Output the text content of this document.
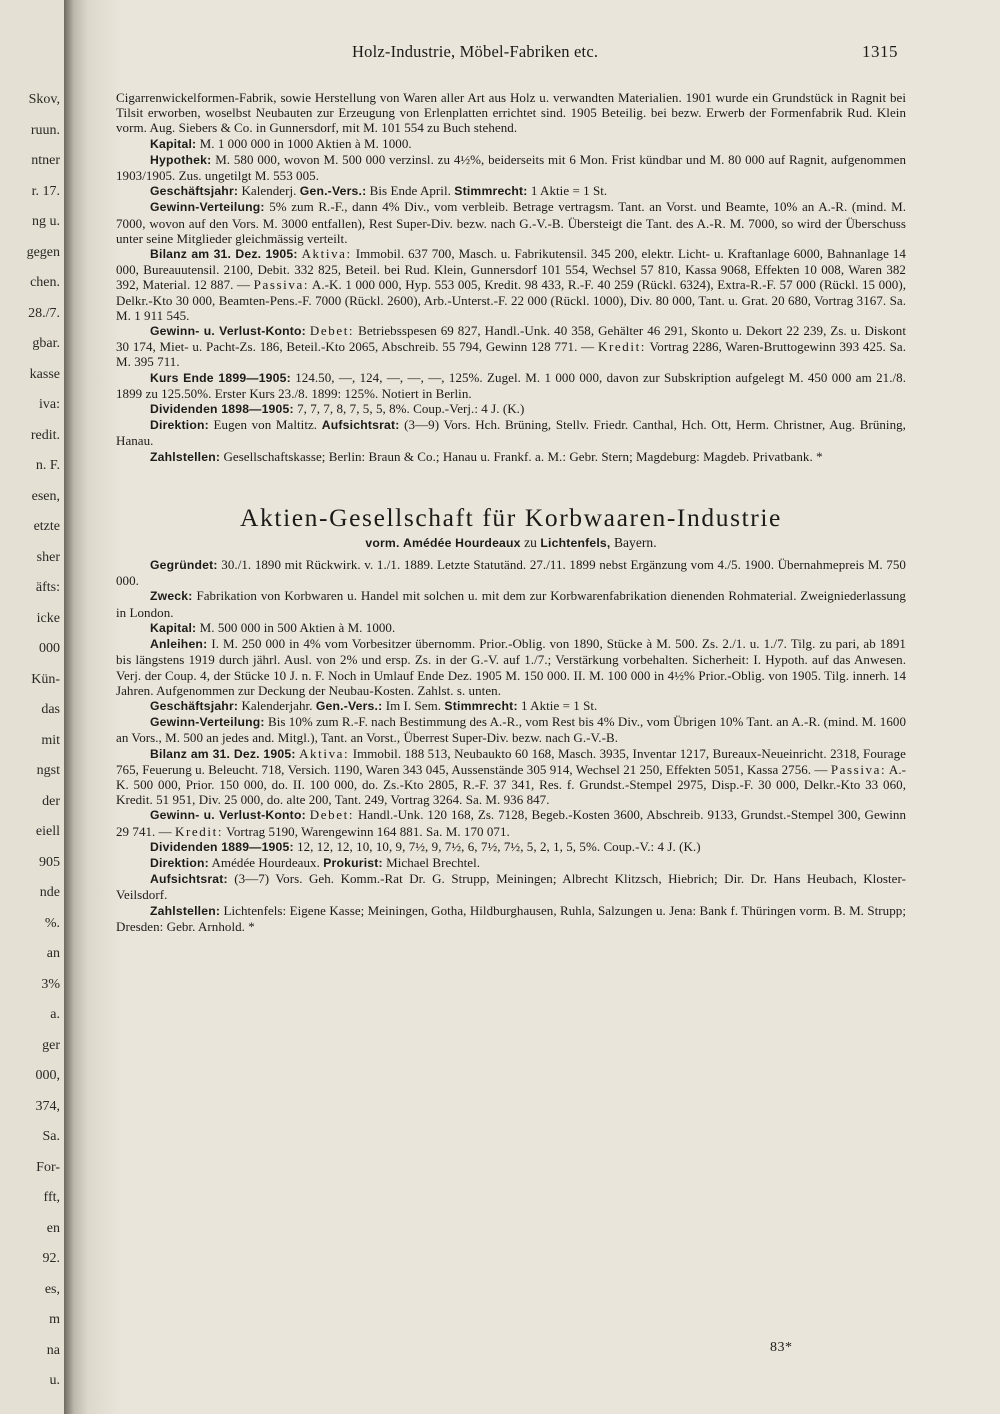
Skov,
ruun.
ntner
r. 17.
ng u.
gegen
chen.
28./7.
gbar.
kasse
iva:
redit.
n. F.
esen,
etzte
sher
äfts:
icke
000
Kün-
das
mit
ngst
der
eiell
905
nde
%.
an
3%
a.
ger
000,
374,
Sa.
For-
fft,
en
92.
es,
m
na
u.
Holz-Industrie, Möbel-Fabriken etc.	1315

Cigarrenwickelformen-Fabrik, sowie Herstellung von Waren aller Art aus Holz u. verwandten Materialien. 1901 wurde ein Grundstück in Ragnit bei Tilsit erworben, woselbst Neubauten zur Erzeugung von Erlenplatten errichtet sind. 1905 Beteilig. bei bezw. Erwerb der Formenfabrik Rud. Klein vorm. Aug. Siebers & Co. in Gunnersdorf, mit M. 101 554 zu Buch stehend.

Kapital: M. 1 000 000 in 1000 Aktien à M. 1000.

Hypothek: M. 580 000, wovon M. 500 000 verzinsl. zu 4½%, beiderseits mit 6 Mon. Frist kündbar und M. 80 000 auf Ragnit, aufgenommen 1903/1905. Zus. ungetilgt M. 553 005.

Geschäftsjahr: Kalenderj. Gen.-Vers.: Bis Ende April. Stimmrecht: 1 Aktie = 1 St.

Gewinn-Verteilung: 5% zum R.-F., dann 4% Div., vom verbleib. Betrage vertragsm. Tant. an Vorst. und Beamte, 10% an A.-R. (mind. M. 7000, wovon auf den Vors. M. 3000 entfallen), Rest Super-Div. bezw. nach G.-V.-B. Übersteigt die Tant. des A.-R. M. 7000, so wird der Überschuss unter seine Mitglieder gleichmässig verteilt.

Bilanz am 31. Dez. 1905: Aktiva: Immobil. 637 700, Masch. u. Fabrikutensil. 345 200, elektr. Licht- u. Kraftanlage 6000, Bahnanlage 14 000, Bureauutensil. 2100, Debit. 332 825, Beteil. bei Rud. Klein, Gunnersdorf 101 554, Wechsel 57 810, Kassa 9068, Effekten 10 008, Waren 382 392, Material. 12 887. — Passiva: A.-K. 1 000 000, Hyp. 553 005, Kredit. 98 433, R.-F. 40 259 (Rückl. 6324), Extra-R.-F. 57 000 (Rückl. 15 000), Delkr.-Kto 30 000, Beamten-Pens.-F. 7000 (Rückl. 2600), Arb.-Unterst.-F. 22 000 (Rückl. 1000), Div. 80 000, Tant. u. Grat. 20 680, Vortrag 3167. Sa. M. 1 911 545.

Gewinn- u. Verlust-Konto: Debet: Betriebsspesen 69 827, Handl.-Unk. 40 358, Gehälter 46 291, Skonto u. Dekort 22 239, Zs. u. Diskont 30 174, Miet- u. Pacht-Zs. 186, Beteil.-Kto 2065, Abschreib. 55 794, Gewinn 128 771. — Kredit: Vortrag 2286, Waren-Bruttogewinn 393 425. Sa. M. 395 711.

Kurs Ende 1899—1905: 124.50, —, 124, —, —, —, 125%. Zugel. M. 1 000 000, davon zur Subskription aufgelegt M. 450 000 am 21./8. 1899 zu 125.50%. Erster Kurs 23./8. 1899: 125%. Notiert in Berlin.

Dividenden 1898—1905: 7, 7, 7, 8, 7, 5, 5, 8%. Coup.-Verj.: 4 J. (K.)

Direktion: Eugen von Maltitz. Aufsichtsrat: (3—9) Vors. Hch. Brüning, Stellv. Friedr. Canthal, Hch. Ott, Herm. Christner, Aug. Brüning, Hanau.

Zahlstellen: Gesellschaftskasse; Berlin: Braun & Co.; Hanau u. Frankf. a. M.: Gebr. Stern; Magdeburg: Magdeb. Privatbank. *

Aktien-Gesellschaft für Korbwaaren-Industrie
vorm. Amédée Hourdeaux zu Lichtenfels, Bayern.

Gegründet: 30./1. 1890 mit Rückwirk. v. 1./1. 1889. Letzte Statutänd. 27./11. 1899 nebst Ergänzung vom 4./5. 1900. Übernahmepreis M. 750 000.

Zweck: Fabrikation von Korbwaren u. Handel mit solchen u. mit dem zur Korbwarenfabrikation dienenden Rohmaterial. Zweigniederlassung in London.

Kapital: M. 500 000 in 500 Aktien à M. 1000.

Anleihen: I. M. 250 000 in 4% vom Vorbesitzer übernomm. Prior.-Oblig. von 1890, Stücke à M. 500. Zs. 2./1. u. 1./7. Tilg. zu pari, ab 1891 bis längstens 1919 durch jährl. Ausl. von 2% und ersp. Zs. in der G.-V. auf 1./7.; Verstärkung vorbehalten. Sicherheit: I. Hypoth. auf das Anwesen. Verj. der Coup. 4, der Stücke 10 J. n. F. Noch in Umlauf Ende Dez. 1905 M. 150 000. II. M. 100 000 in 4½% Prior.-Oblig. von 1905. Tilg. innerh. 14 Jahren. Aufgenommen zur Deckung der Neubau-Kosten. Zahlst. s. unten.

Geschäftsjahr: Kalenderjahr. Gen.-Vers.: Im I. Sem. Stimmrecht: 1 Aktie = 1 St.

Gewinn-Verteilung: Bis 10% zum R.-F. nach Bestimmung des A.-R., vom Rest bis 4% Div., vom Übrigen 10% Tant. an A.-R. (mind. M. 1600 an Vors., M. 500 an jedes and. Mitgl.), Tant. an Vorst., Überrest Super-Div. bezw. nach G.-V.-B.

Bilanz am 31. Dez. 1905: Aktiva: Immobil. 188 513, Neubaukto 60 168, Masch. 3935, Inventar 1217, Bureaux-Neueinricht. 2318, Fourage 765, Feuerung u. Beleucht. 718, Versich. 1190, Waren 343 045, Aussenstände 305 914, Wechsel 21 250, Effekten 5051, Kassa 2756. — Passiva: A.-K. 500 000, Prior. 150 000, do. II. 100 000, do. Zs.-Kto 2805, R.-F. 37 341, Res. f. Grundst.-Stempel 2975, Disp.-F. 30 000, Delkr.-Kto 33 060, Kredit. 51 951, Div. 25 000, do. alte 200, Tant. 249, Vortrag 3264. Sa. M. 936 847.

Gewinn- u. Verlust-Konto: Debet: Handl.-Unk. 120 168, Zs. 7128, Begeb.-Kosten 3600, Abschreib. 9133, Grundst.-Stempel 300, Gewinn 29 741. — Kredit: Vortrag 5190, Warengewinn 164 881. Sa. M. 170 071.

Dividenden 1889—1905: 12, 12, 12, 10, 10, 9, 7½, 9, 7½, 6, 7½, 7½, 5, 2, 1, 5, 5%. Coup.-V.: 4 J. (K.)

Direktion: Amédée Hourdeaux. Prokurist: Michael Brechtel.

Aufsichtsrat: (3—7) Vors. Geh. Komm.-Rat Dr. G. Strupp, Meiningen; Albrecht Klitzsch, Hiebrich; Dir. Dr. Hans Heubach, Kloster-Veilsdorf.

Zahlstellen: Lichtenfels: Eigene Kasse; Meiningen, Gotha, Hildburghausen, Ruhla, Salzungen u. Jena: Bank f. Thüringen vorm. B. M. Strupp; Dresden: Gebr. Arnhold. *

83*
